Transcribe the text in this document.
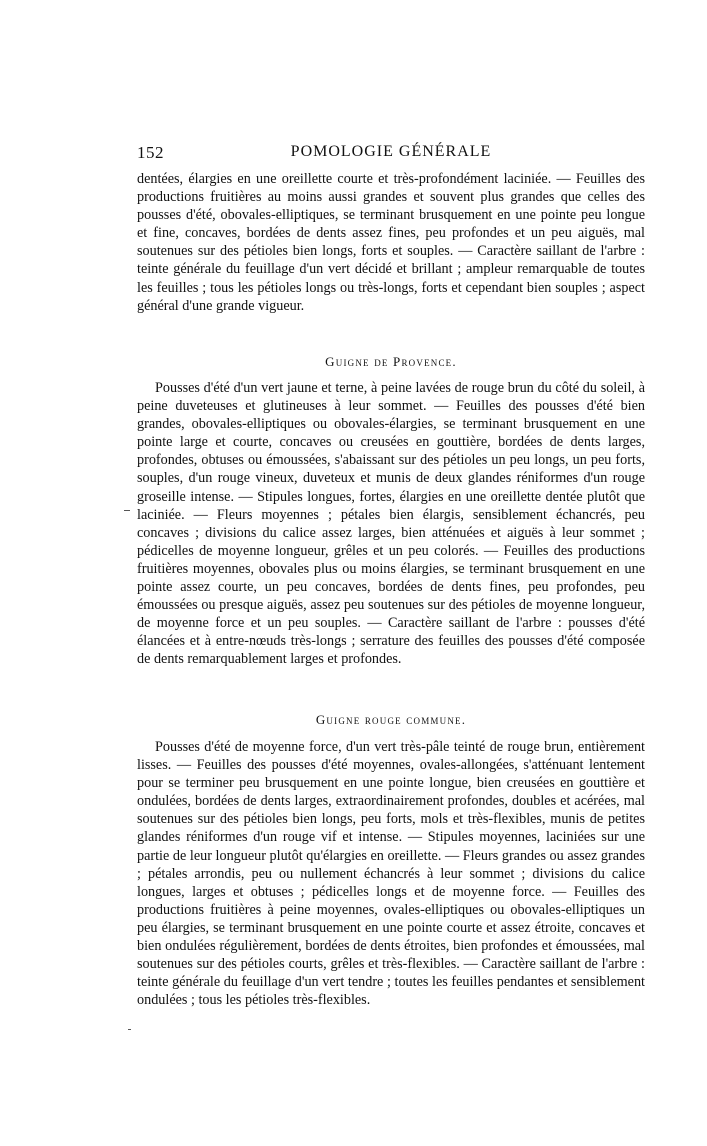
152	POMOLOGIE GÉNÉRALE

dentées, élargies en une oreillette courte et très-profondément laciniée. — Feuilles des productions fruitières au moins aussi grandes et souvent plus grandes que celles des pousses d'été, obovales-elliptiques, se terminant brusquement en une pointe peu longue et fine, concaves, bordées de dents assez fines, peu profondes et un peu aiguës, mal soutenues sur des pétioles bien longs, forts et souples. — Caractère saillant de l'arbre : teinte générale du feuillage d'un vert décidé et brillant ; ampleur remarquable de toutes les feuilles ; tous les pétioles longs ou très-longs, forts et cependant bien souples ; aspect général d'une grande vigueur.

Guigne de Provence.

Pousses d'été d'un vert jaune et terne, à peine lavées de rouge brun du côté du soleil, à peine duveteuses et glutineuses à leur sommet. — Feuilles des pousses d'été bien grandes, obovales-elliptiques ou obovales-élargies, se terminant brusquement en une pointe large et courte, concaves ou creusées en gouttière, bordées de dents larges, profondes, obtuses ou émoussées, s'abaissant sur des pétioles un peu longs, un peu forts, souples, d'un rouge vineux, duveteux et munis de deux glandes réniformes d'un rouge groseille intense. — Stipules longues, fortes, élargies en une oreillette dentée plutôt que laciniée. — Fleurs moyennes ; pétales bien élargis, sensiblement échancrés, peu concaves ; divisions du calice assez larges, bien atténuées et aiguës à leur sommet ; pédicelles de moyenne longueur, grêles et un peu colorés. — Feuilles des productions fruitières moyennes, obovales plus ou moins élargies, se terminant brusquement en une pointe assez courte, un peu concaves, bordées de dents fines, peu profondes, peu émoussées ou presque aiguës, assez peu soutenues sur des pétioles de moyenne longueur, de moyenne force et un peu souples. — Caractère saillant de l'arbre : pousses d'été élancées et à entre-nœuds très-longs ; serrature des feuilles des pousses d'été composée de dents remarquablement larges et profondes.

Guigne rouge commune.

Pousses d'été de moyenne force, d'un vert très-pâle teinté de rouge brun, entièrement lisses. — Feuilles des pousses d'été moyennes, ovales-allongées, s'atténuant lentement pour se terminer peu brusquement en une pointe longue, bien creusées en gouttière et ondulées, bordées de dents larges, extraordinairement profondes, doubles et acérées, mal soutenues sur des pétioles bien longs, peu forts, mols et très-flexibles, munis de petites glandes réniformes d'un rouge vif et intense. — Stipules moyennes, laciniées sur une partie de leur longueur plutôt qu'élargies en oreillette. — Fleurs grandes ou assez grandes ; pétales arrondis, peu ou nullement échancrés à leur sommet ; divisions du calice longues, larges et obtuses ; pédicelles longs et de moyenne force. — Feuilles des productions fruitières à peine moyennes, ovales-elliptiques ou obovales-elliptiques un peu élargies, se terminant brusquement en une pointe courte et assez étroite, concaves et bien ondulées régulièrement, bordées de dents étroites, bien profondes et émoussées, mal soutenues sur des pétioles courts, grêles et très-flexibles. — Caractère saillant de l'arbre : teinte générale du feuillage d'un vert tendre ; toutes les feuilles pendantes et sensiblement ondulées ; tous les pétioles très-flexibles.
